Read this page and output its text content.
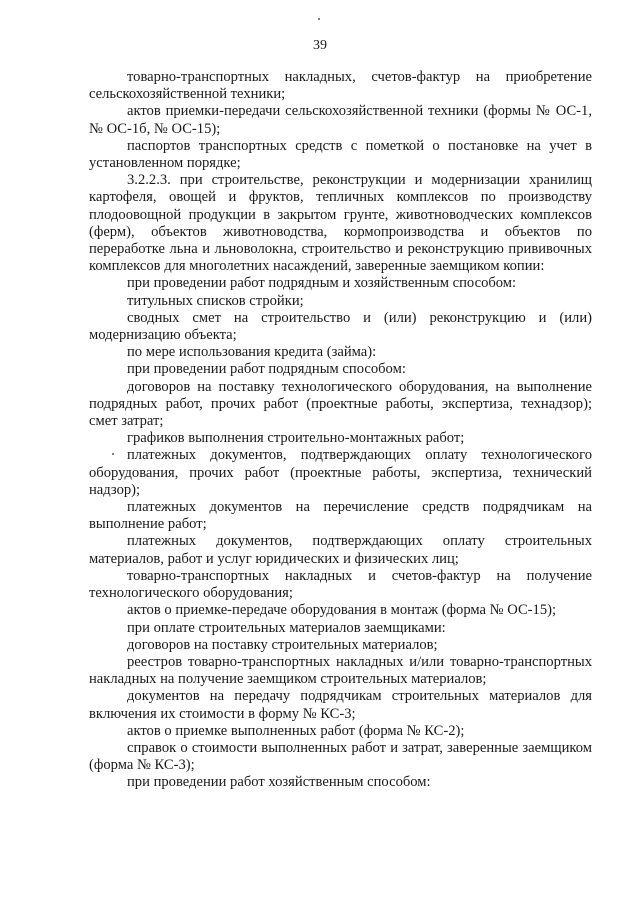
39

товарно-транспортных накладных, счетов-фактур на приобретение сельскохозяйственной техники;

актов приемки-передачи сельскохозяйственной техники (формы № ОС-1, № ОС-1б, № ОС-15);

паспортов транспортных средств с пометкой о постановке на учет в установленном порядке;

3.2.2.3. при строительстве, реконструкции и модернизации хранилищ картофеля, овощей и фруктов, тепличных комплексов по производству плодоовощной продукции в закрытом грунте, животноводческих комплексов (ферм), объектов животноводства, кормопроизводства и объектов по переработке льна и льноволокна, строительство и реконструкцию прививочных комплексов для многолетних насаждений, заверенные заемщиком копии:

при проведении работ подрядным и хозяйственным способом:

титульных списков стройки;

сводных смет на строительство и (или) реконструкцию и (или) модернизацию объекта;

по мере использования кредита (займа):

при проведении работ подрядным способом:

договоров на поставку технологического оборудования, на выполнение подрядных работ, прочих работ (проектные работы, экспертиза, технадзор); смет затрат;

графиков выполнения строительно-монтажных работ;

платежных документов, подтверждающих оплату технологического оборудования, прочих работ (проектные работы, экспертиза, технический надзор);

платежных документов на перечисление средств подрядчикам на выполнение работ;

платежных документов, подтверждающих оплату строительных материалов, работ и услуг юридических и физических лиц;

товарно-транспортных накладных и счетов-фактур на получение технологического оборудования;

актов о приемке-передаче оборудования в монтаж (форма № ОС-15);

при оплате строительных материалов заемщиками:

договоров на поставку строительных материалов;

реестров товарно-транспортных накладных и/или товарно-транспортных накладных на получение заемщиком строительных материалов;

документов на передачу подрядчикам строительных материалов для включения их стоимости в форму № КС-3;

актов о приемке выполненных работ (форма № КС-2);

справок о стоимости выполненных работ и затрат, заверенные заемщиком (форма № КС-3);

при проведении работ хозяйственным способом:
